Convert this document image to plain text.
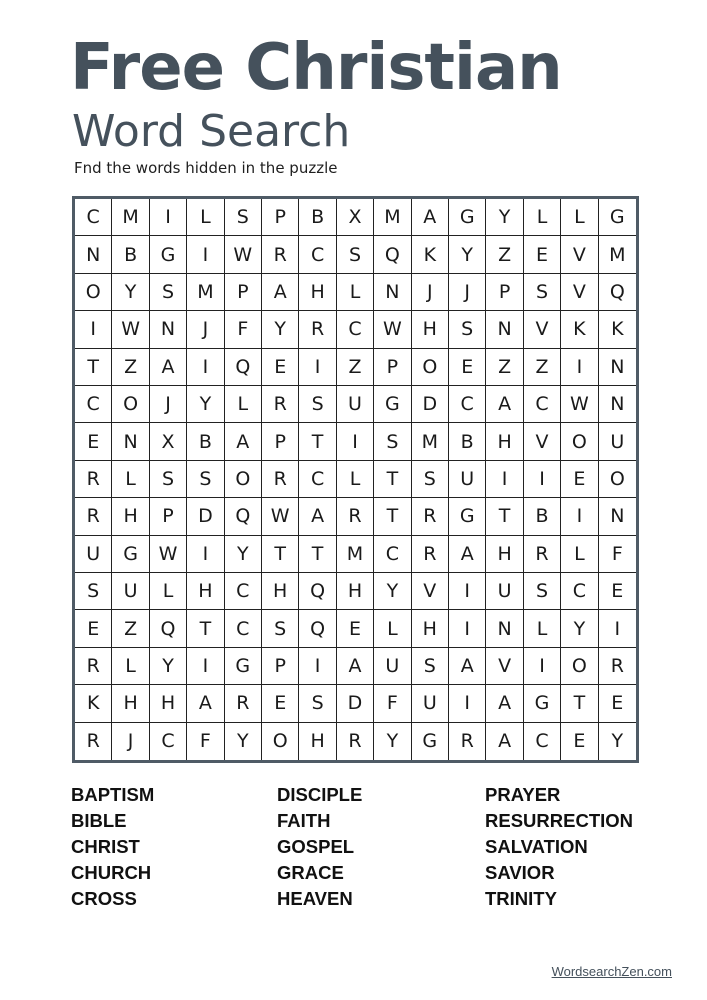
Free Christian
Word Search
Fnd the words hidden in the puzzle
C	M	I	L	S	P	B	X	M	A	G	Y	L	L	G
N	B	G	I	W	R	C	S	Q	K	Y	Z	E	V	M
O	Y	S	M	P	A	H	L	N	J	J	P	S	V	Q
I	W	N	J	F	Y	R	C	W	H	S	N	V	K	K
T	Z	A	I	Q	E	I	Z	P	O	E	Z	Z	I	N
C	O	J	Y	L	R	S	U	G	D	C	A	C	W	N
E	N	X	B	A	P	T	I	S	M	B	H	V	O	U
R	L	S	S	O	R	C	L	T	S	U	I	I	E	O
R	H	P	D	Q	W	A	R	T	R	G	T	B	I	N
U	G	W	I	Y	T	T	M	C	R	A	H	R	L	F
S	U	L	H	C	H	Q	H	Y	V	I	U	S	C	E
E	Z	Q	T	C	S	Q	E	L	H	I	N	L	Y	I
R	L	Y	I	G	P	I	A	U	S	A	V	I	O	R
K	H	H	A	R	E	S	D	F	U	I	A	G	T	E
R	J	C	F	Y	O	H	R	Y	G	R	A	C	E	Y
BAPTISM
BIBLE
CHRIST
CHURCH
CROSS
DISCIPLE
FAITH
GOSPEL
GRACE
HEAVEN
PRAYER
RESURRECTION
SALVATION
SAVIOR
TRINITY
WordsearchZen.com
